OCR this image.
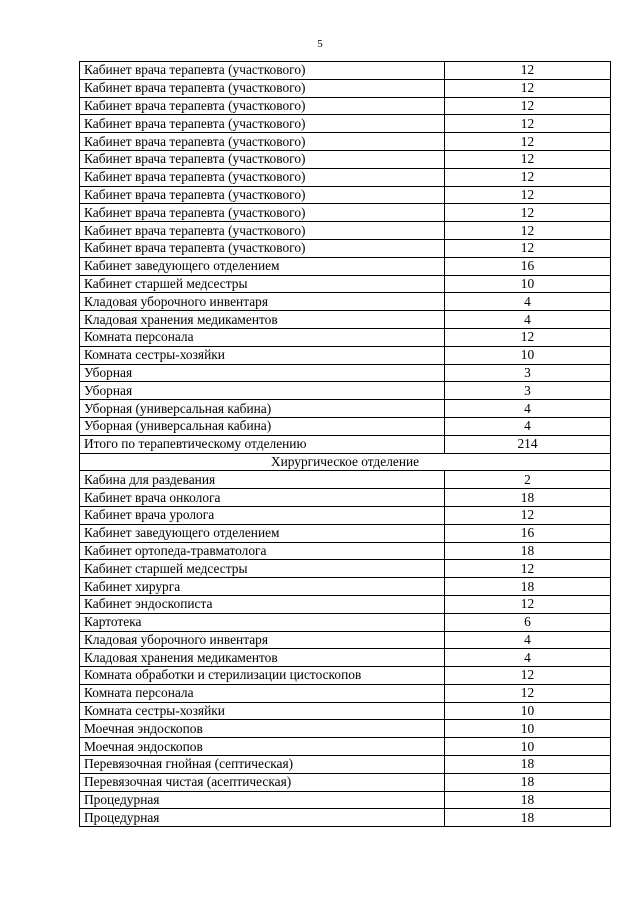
5
Кабинет врача терапевта (участкового)	12
Кабинет врача терапевта (участкового)	12
Кабинет врача терапевта (участкового)	12
Кабинет врача терапевта (участкового)	12
Кабинет врача терапевта (участкового)	12
Кабинет врача терапевта (участкового)	12
Кабинет врача терапевта (участкового)	12
Кабинет врача терапевта (участкового)	12
Кабинет врача терапевта (участкового)	12
Кабинет врача терапевта (участкового)	12
Кабинет врача терапевта (участкового)	12
Кабинет заведующего отделением	16
Кабинет старшей медсестры	10
Кладовая уборочного инвентаря	4
Кладовая хранения медикаментов	4
Комната персонала	12
Комната сестры-хозяйки	10
Уборная	3
Уборная	3
Уборная (универсальная кабина)	4
Уборная (универсальная кабина)	4
Итого по терапевтическому отделению	214
Хирургическое отделение	
Кабина для раздевания	2
Кабинет врача онколога	18
Кабинет врача уролога	12
Кабинет заведующего отделением	16
Кабинет ортопеда-травматолога	18
Кабинет старшей медсестры	12
Кабинет хирурга	18
Кабинет эндоскописта	12
Картотека	6
Кладовая уборочного инвентаря	4
Кладовая хранения медикаментов	4
Комната обработки и стерилизации цистоскопов	12
Комната персонала	12
Комната сестры-хозяйки	10
Моечная эндоскопов	10
Моечная эндоскопов	10
Перевязочная гнойная (септическая)	18
Перевязочная чистая (асептическая)	18
Процедурная	18
Процедурная	18
